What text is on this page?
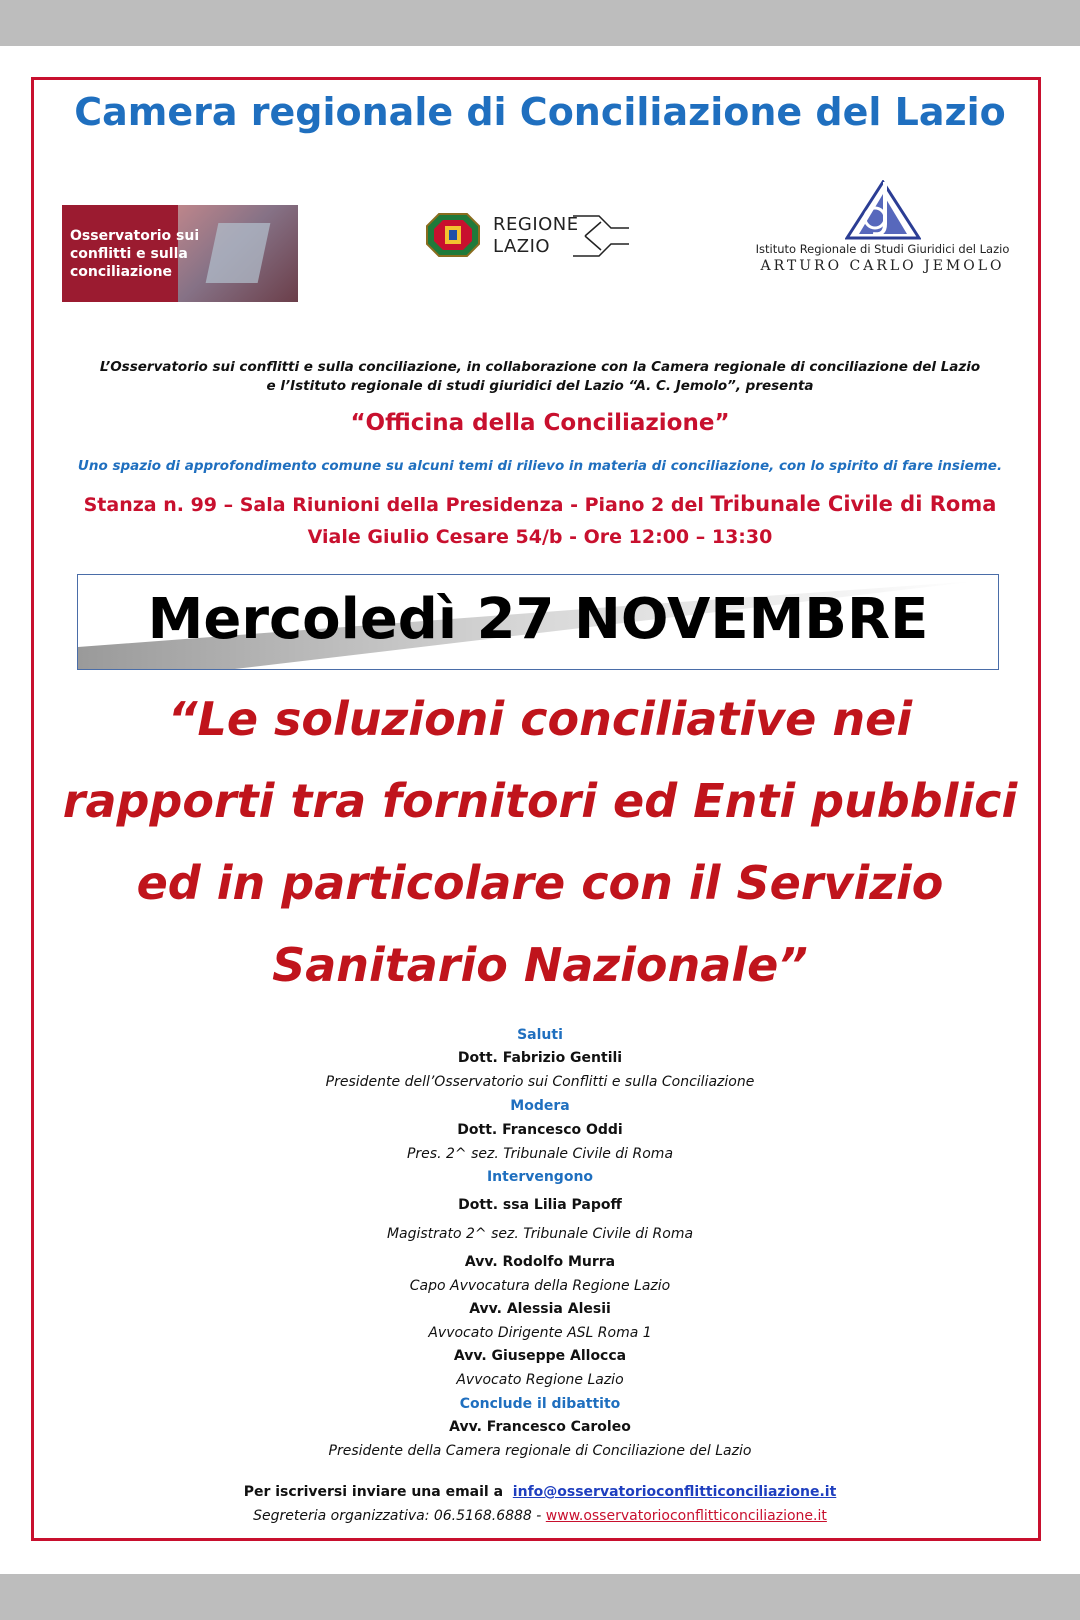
Camera regionale di Conciliazione del Lazio
Osservatorio sui
conflitti e sulla
conciliazione
REGIONE
LAZIO	Istituto Regionale di Studi Giuridici del Lazio
ARTURO CARLO JEMOLO
L’Osservatorio sui conflitti e sulla conciliazione, in collaborazione con la Camera regionale di conciliazione del Lazio
e l’Istituto regionale di studi giuridici del Lazio “A. C. Jemolo”, presenta
“Officina della Conciliazione”
Uno spazio di approfondimento comune su alcuni temi di rilievo in materia di conciliazione, con lo spirito di fare insieme.
Stanza n. 99 – Sala Riunioni della Presidenza - Piano 2 del Tribunale Civile di Roma
Viale Giulio Cesare 54/b - Ore 12:00 – 13:30
Mercoledì 27 NOVEMBRE
“Le soluzioni conciliative nei
rapporti tra fornitori ed Enti pubblici
ed in particolare con il Servizio
Sanitario Nazionale”
Saluti
Dott. Fabrizio Gentili
Presidente dell’Osservatorio sui Conflitti e sulla Conciliazione
Modera
Dott. Francesco Oddi
Pres. 2^ sez. Tribunale Civile di Roma
Intervengono
Dott. ssa Lilia Papoff
Magistrato 2^ sez. Tribunale Civile di Roma
Avv. Rodolfo Murra
Capo Avvocatura della Regione Lazio
Avv. Alessia Alesii
Avvocato Dirigente ASL Roma 1
Avv. Giuseppe Allocca
Avvocato Regione Lazio
Conclude il dibattito
Avv. Francesco Caroleo
Presidente della Camera regionale di Conciliazione del Lazio
Per iscriversi inviare una email a info@osservatorioconflitticonciliazione.it
Segreteria organizzativa: 06.5168.6888 - www.osservatorioconflitticonciliazione.it
